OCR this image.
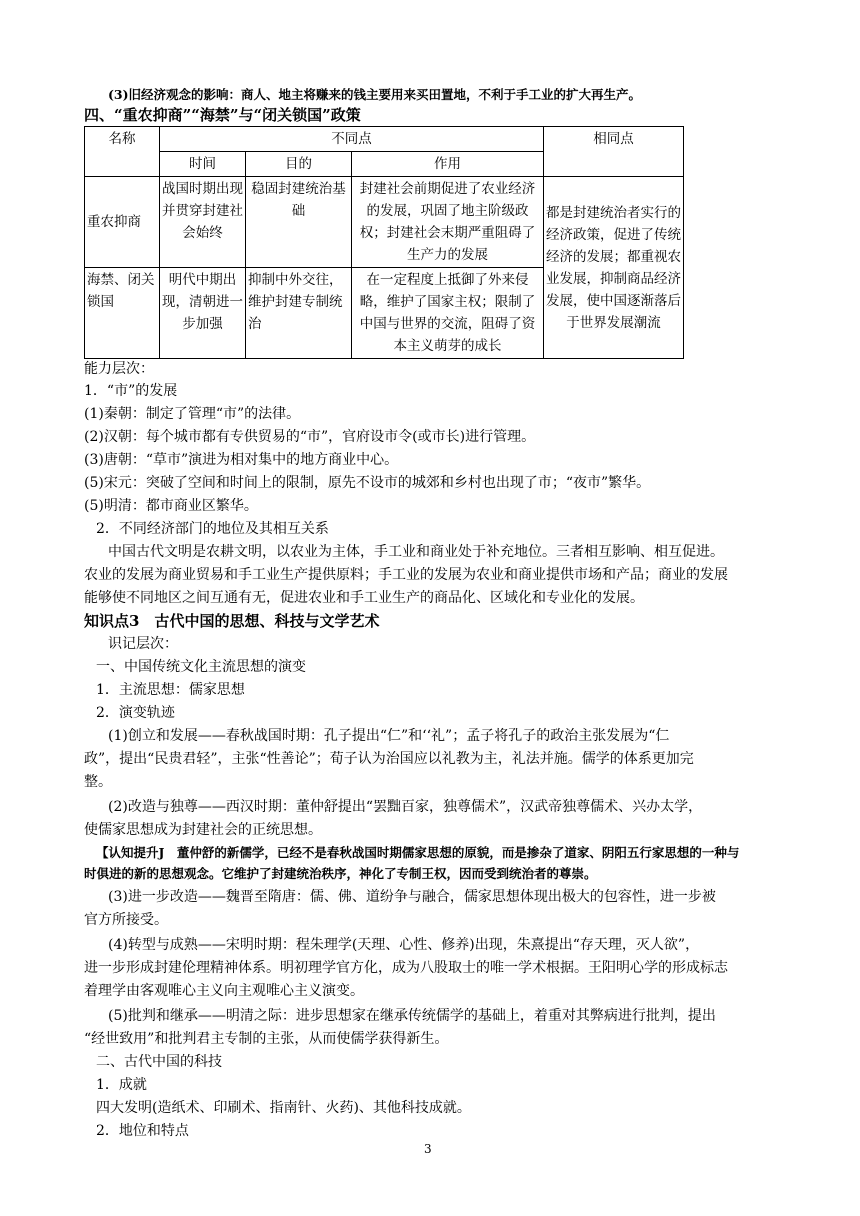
(3)旧经济观念的影响：商人、地主将赚来的钱主要用来买田置地，不利于手工业的扩大再生产。
四、“重农抑商”“海禁”与“闭关锁国”政策
名称	不同点			相同点
	时间	目的	作用	
重农抑商	战国时期出现并贯穿封建社会始终	稳固封建统治基础	封建社会前期促进了农业经济的发展，巩固了地主阶级政权；封建社会末期严重阻碍了生产力的发展	都是封建统治者实行的经济政策，促进了传统经济的发展；都重视农业发展，抑制商品经济发展，使中国逐渐落后于世界发展潮流
海禁、闭关锁国	明代中期出现，清朝进一步加强	抑制中外交往，维护封建专制统治	在一定程度上抵御了外来侵略，维护了国家主权；限制了中国与世界的交流，阻碍了资本主义萌芽的成长	
能力层次：
1．“市”的发展
(1)秦朝：制定了管理“市”的法律。
(2)汉朝：每个城市都有专供贸易的“市”，官府设市令(或市长)进行管理。
(3)唐朝：“草市”演进为相对集中的地方商业中心。
(5)宋元：突破了空间和时间上的限制，原先不设市的城郊和乡村也出现了市；“夜市”繁华。
(5)明清：都市商业区繁华。
2．不同经济部门的地位及其相互关系
中国古代文明是农耕文明，以农业为主体，手工业和商业处于补充地位。三者相互影响、相互促进。
农业的发展为商业贸易和手工业生产提供原料；手工业的发展为农业和商业提供市场和产品；商业的发展
能够使不同地区之间互通有无，促进农业和手工业生产的商品化、区域化和专业化的发展。
知识点3　古代中国的思想、科技与文学艺术
识记层次：
一、中国传统文化主流思想的演变
1．主流思想：儒家思想
2．演变轨迹
(1)创立和发展——春秋战国时期：孔子提出“仁”和‘‘礼”；孟子将孔子的政治主张发展为“仁
政”，提出“民贵君轻”，主张“性善论”；荀子认为治国应以礼教为主，礼法并施。儒学的体系更加完
整。
(2)改造与独尊——西汉时期：董仲舒提出“罢黜百家，独尊儒术”，汉武帝独尊儒术、兴办太学，
使儒家思想成为封建社会的正统思想。
【认知提升J　董仲舒的新儒学，已经不是春秋战国时期儒家思想的原貌，而是掺杂了道家、阴阳五行家思想的一种与
时俱进的新的思想观念。它维护了封建统治秩序，神化了专制王权，因而受到统治者的尊崇。
(3)进一步改造——魏晋至隋唐：儒、佛、道纷争与融合，儒家思想体现出极大的包容性，进一步被
官方所接受。
(4)转型与成熟——宋明时期：程朱理学(天理、心性、修养)出现，朱熹提出“存天理，灭人欲”，
进一步形成封建伦理精神体系。明初理学官方化，成为八股取士的唯一学术根据。王阳明心学的形成标志
着理学由客观唯心主义向主观唯心主义演变。
(5)批判和继承——明清之际：进步思想家在继承传统儒学的基础上，着重对其弊病进行批判，提出
“经世致用”和批判君主专制的主张，从而使儒学获得新生。
二、古代中国的科技
1．成就
四大发明(造纸术、印刷术、指南针、火药)、其他科技成就。
2．地位和特点
3
